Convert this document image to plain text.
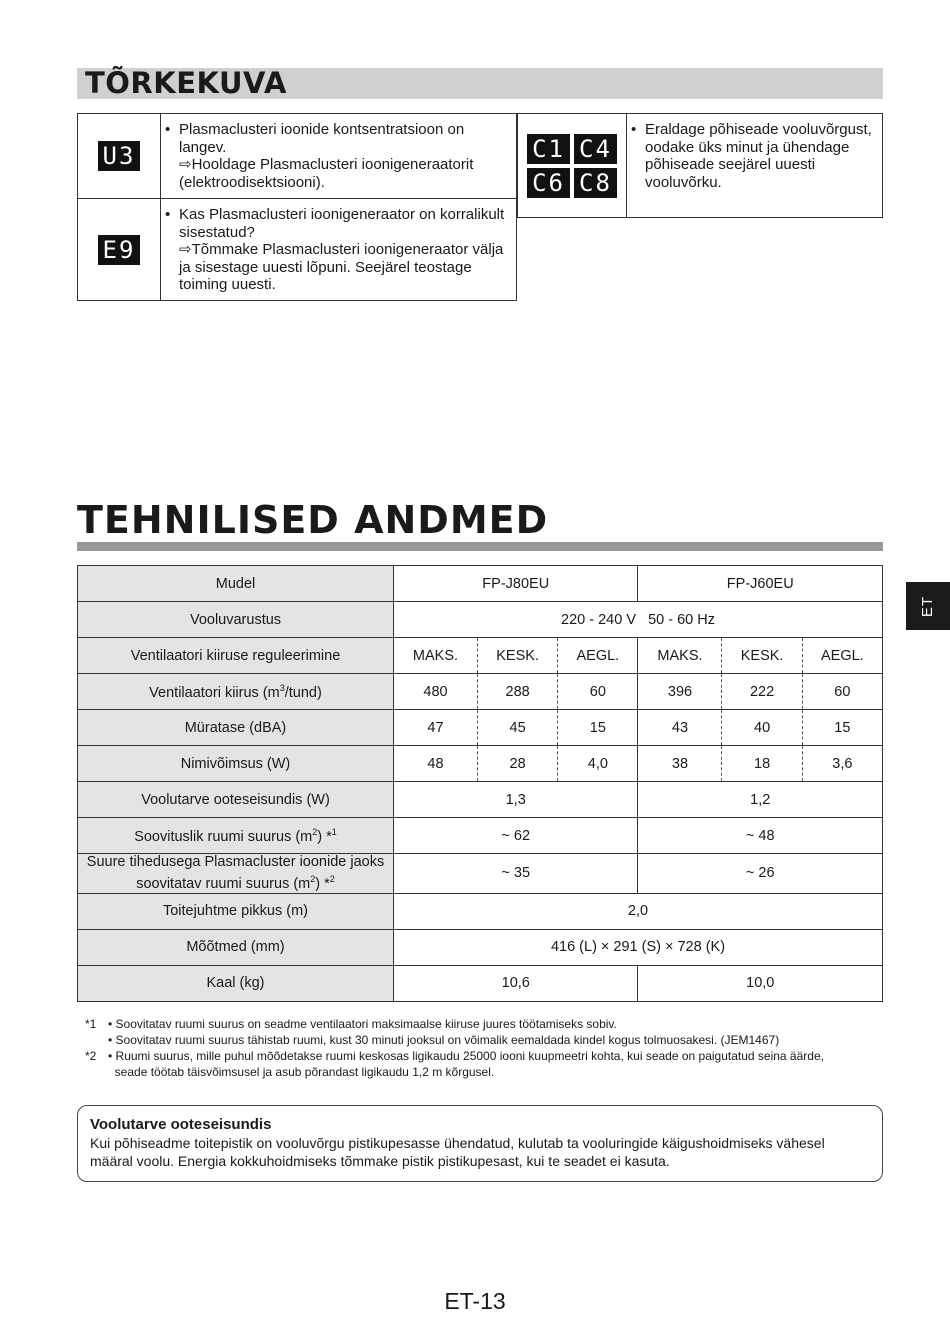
TÕRKEKUVA
U3	• Plasmaclusteri ioonide kontsentratsioon on langev.
⇨Hooldage Plasmaclusteri ioonigeneraatorit (elektroodisektsiooni).

E9	• Kas Plasmaclusteri ioonigeneraator on korralikult sisestatud?
⇨Tõmmake Plasmaclusteri ioonigeneraator välja ja sisestage uuesti lõpuni. Seejärel teostage toiming uuesti.
C1 C4
C6 C8

• Eraldage põhiseade vooluvõrgust, oodake üks minut ja ühendage põhiseade seejärel uuesti vooluvõrku.
TEHNILISED ANDMED
Mudel	FP-J80EU			FP-J60EU		
Vooluvarustus	220 - 240 V   50 - 60 Hz					
Ventilaatori kiiruse reguleerimine	MAKS.	KESK.	AEGL.	MAKS.	KESK.	AEGL.
Ventilaatori kiirus $(m^3/tund)$	480	288	60	396	222	60
Müratase (dBA)	47	45	15	43	40	15
Nimivõimsus (W)	48	28	4,0	38	18	3,6
Voolutarve ooteseisundis (W)	1,3			1,2		
Soovituslik ruumi suurus $(m^2)$ *$^1$	~ 62			~ 48		

Suure tihedusega Plasmacluster ioonide jaoks
soovitatav ruumi suurus $(m^2)$ *$^2$	~ 35			~ 26		
Toitejuhtme pikkus (m)	2,0					
Mõõtmed (mm)	416 (L) × 291 (S) × 728 (K)					
Kaal (kg)	10,6			10,0		
*1 • Soovitatav ruumi suurus on seadme ventilaatori maksimaalse kiiruse juures töötamiseks sobiv.
• Soovitatav ruumi suurus tähistab ruumi, kust 30 minuti jooksul on võimalik eemaldada kindel kogus tolmuosakesi. (JEM1467)
*2 • Ruumi suurus, mille puhul mõõdetakse ruumi keskosas ligikaudu 25000 iooni kuupmeetri kohta, kui seade on paigutatud seina äärde,
seade töötab täisvõimsusel ja asub põrandast ligikaudu 1,2 m kõrgusel.
Voolutarve ooteseisundis
Kui põhiseadme toitepistik on vooluvõrgu pistikupesasse ühendatud, kulutab ta vooluringide käigushoidmiseks vähesel määral voolu. Energia kokkuhoidmiseks tõmmake pistik pistikupesast, kui te seadet ei kasuta.
ET
ET-13
